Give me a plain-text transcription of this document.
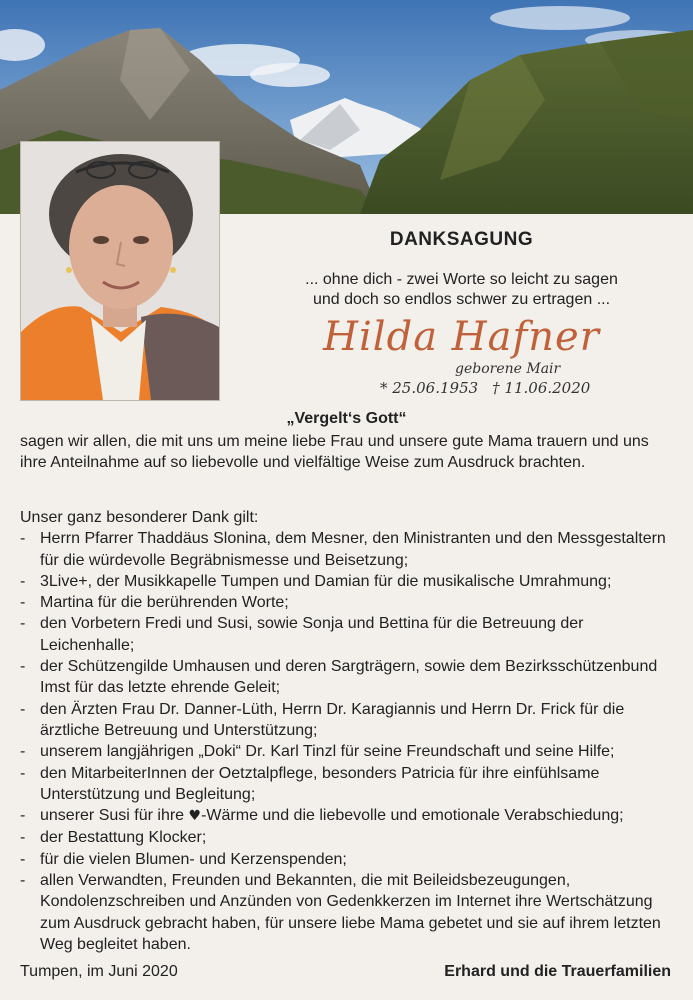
DANKSAGUNG
... ohne dich - zwei Worte so leicht zu sagen
und doch so endlos schwer zu ertragen ...
Hilda Hafner
geborene Mair
* 25.06.1953 † 11.06.2020
„Vergelt‘s Gott“

sagen wir allen, die mit uns um meine liebe Frau und unsere gute Mama trauern und uns ihre Anteilnahme auf so liebevolle und vielfältige Weise zum Ausdruck brachten.

Unser ganz besonderer Dank gilt:

- Herrn Pfarrer Thaddäus Slonina, dem Mesner, den Ministranten und den Messgestaltern für die würdevolle Begräbnismesse und Beisetzung;
- 3Live+, der Musikkapelle Tumpen und Damian für die musikalische Umrahmung;
- Martina für die berührenden Worte;
- den Vorbetern Fredi und Susi, sowie Sonja und Bettina für die Betreuung der Leichenhalle;
- der Schützengilde Umhausen und deren Sargträgern, sowie dem Bezirksschützenbund Imst für das letzte ehrende Geleit;
- den Ärzten Frau Dr. Danner-Lüth, Herrn Dr. Karagiannis und Herrn Dr. Frick für die ärztliche Betreuung und Unterstützung;
- unserem langjährigen „Doki“ Dr. Karl Tinzl für seine Freundschaft und seine Hilfe;
- den MitarbeiterInnen der Oetztalpflege, besonders Patricia für ihre einfühlsame Unterstützung und Begleitung;
- unserer Susi für ihre ♥-Wärme und die liebevolle und emotionale Verabschiedung;
- der Bestattung Klocker;
- für die vielen Blumen- und Kerzenspenden;
- allen Verwandten, Freunden und Bekannten, die mit Beileidsbezeugungen, Kondolenzschreiben und Anzünden von Gedenkkerzen im Internet ihre Wertschätzung zum Ausdruck gebracht haben, für unsere liebe Mama gebetet und sie auf ihrem letzten Weg begleitet haben.
Tumpen, im Juni 2020	Erhard und die Trauerfamilien
